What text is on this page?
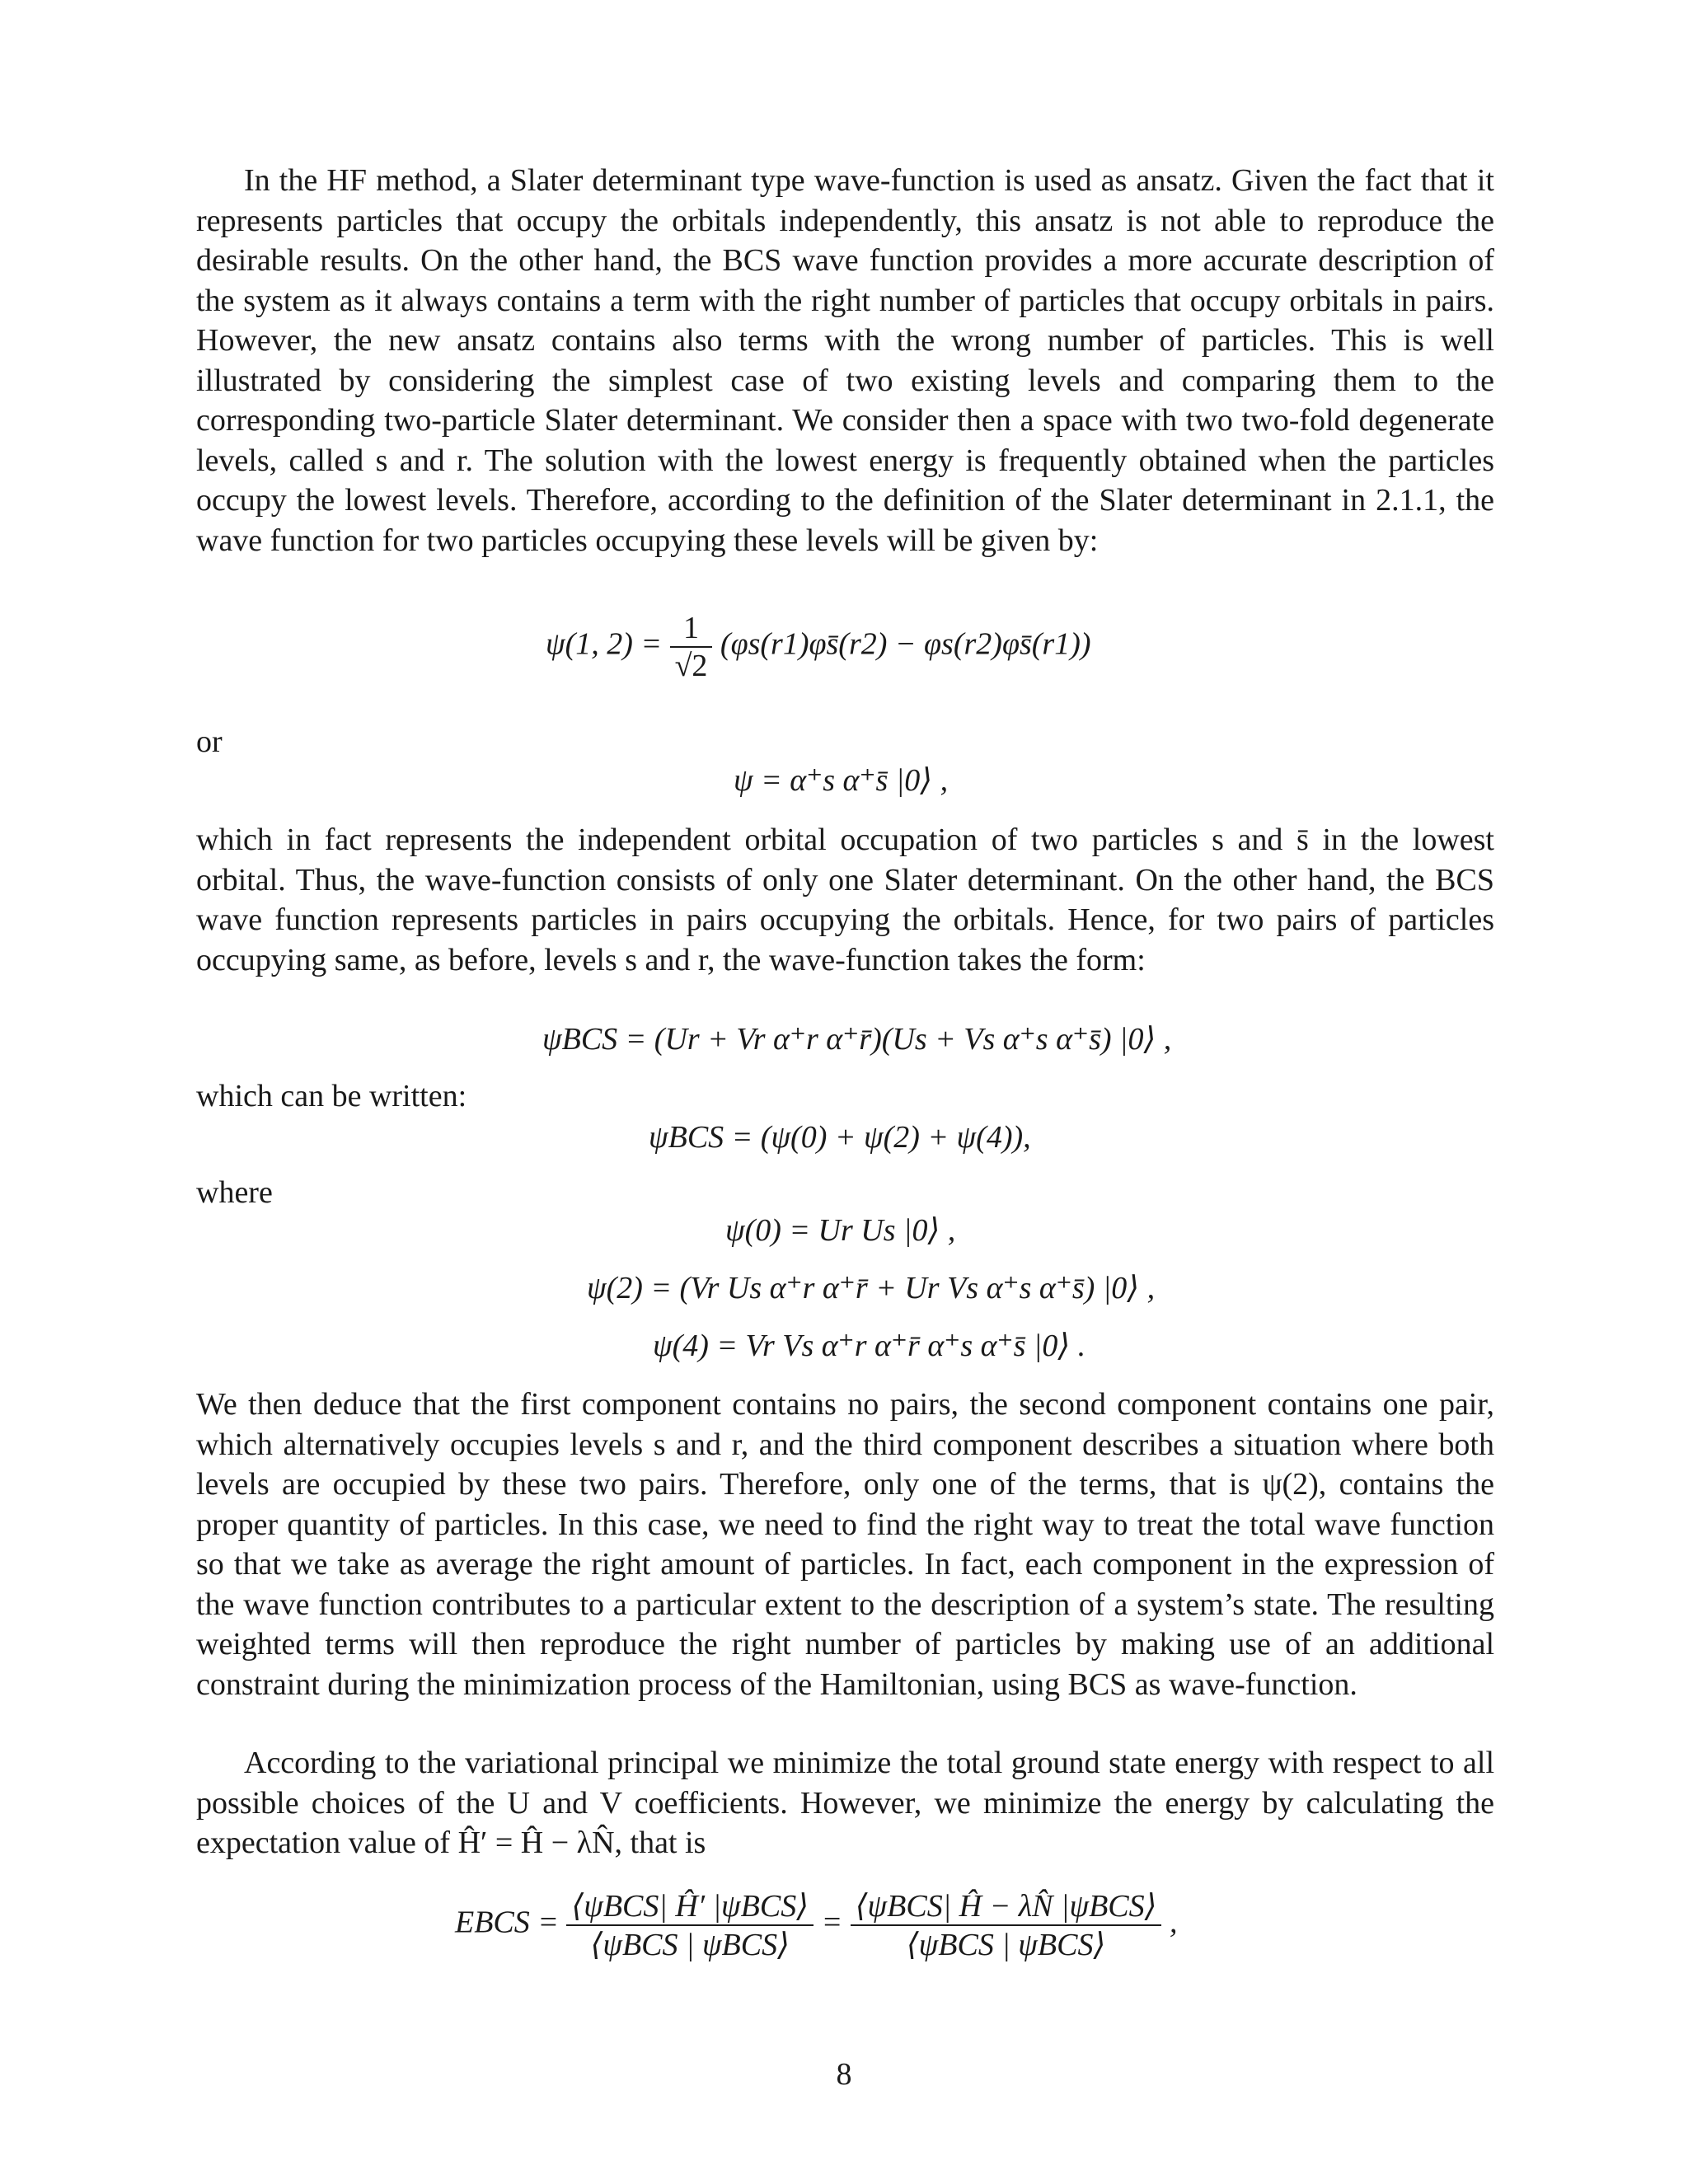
In the HF method, a Slater determinant type wave-function is used as ansatz. Given the fact that it represents particles that occupy the orbitals independently, this ansatz is not able to reproduce the desirable results. On the other hand, the BCS wave function provides a more accurate description of the system as it always contains a term with the right number of particles that occupy orbitals in pairs. However, the new ansatz contains also terms with the wrong number of particles. This is well illustrated by considering the simplest case of two existing levels and comparing them to the corresponding two-particle Slater determinant. We consider then a space with two two-fold degenerate levels, called s and r. The solution with the lowest energy is frequently obtained when the particles occupy the lowest levels. Therefore, according to the definition of the Slater determinant in 2.1.1, the wave function for two particles occupying these levels will be given by:

ψ(1, $2) = \frac{1}{√2}$ (φs(r1)φs̄(r2) − φs(r2)φs̄(r1))

or

ψ = α⁺s α⁺s̄ |0⟩ ,

which in fact represents the independent orbital occupation of two particles s and s̄ in the lowest orbital. Thus, the wave-function consists of only one Slater determinant. On the other hand, the BCS wave function represents particles in pairs occupying the orbitals. Hence, for two pairs of particles occupying same, as before, levels s and r, the wave-function takes the form:

ψBCS = (Ur + Vr α⁺r α⁺r̄)(Us + Vs α⁺s α⁺s̄) |0⟩ ,

which can be written:

ψBCS = (ψ(0) + ψ(2) + ψ(4)),

where

ψ(0) = Ur Us |0⟩ ,
ψ(2) = (Vr Us α⁺r α⁺r̄ + Ur Vs α⁺s α⁺s̄) |0⟩ ,
ψ(4) = Vr Vs α⁺r α⁺r̄ α⁺s α⁺s̄ |0⟩ .

We then deduce that the first component contains no pairs, the second component contains one pair, which alternatively occupies levels s and r, and the third component describes a situation where both levels are occupied by these two pairs. Therefore, only one of the terms, that is ψ(2), contains the proper quantity of particles. In this case, we need to find the right way to treat the total wave function so that we take as average the right amount of particles. In fact, each component in the expression of the wave function contributes to a particular extent to the description of a system’s state. The resulting weighted terms will then reproduce the right number of particles by making use of an additional constraint during the minimization process of the Hamiltonian, using BCS as wave-function.

According to the variational principal we minimize the total ground state energy with respect to all possible choices of the U and V coefficients. However, we minimize the energy by calculating the expectation value of Ĥ′ = Ĥ − λN̂, that is

EBCS = $\frac{\text{⟨ψBCS| Ĥ′ |ψBCS⟩}}{\text{⟨ψBCS | ψBCS⟩}} = \frac{\text{⟨ψBCS| Ĥ − λN̂ |ψBCS⟩}}{\text{⟨ψBCS | ψBCS⟩}}$ ,
8
